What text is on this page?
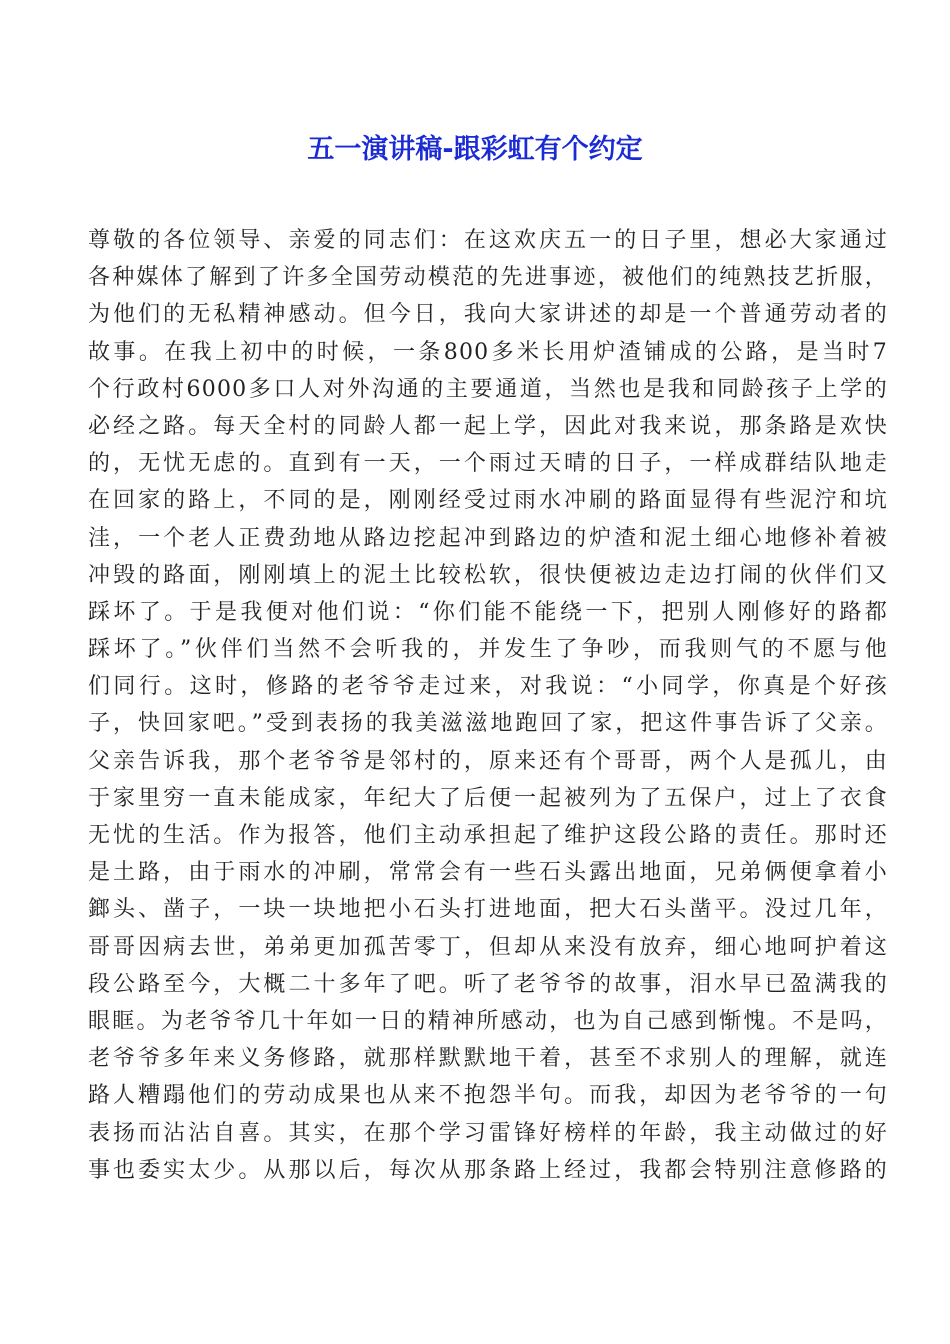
五一演讲稿-跟彩虹有个约定
尊敬的各位领导、亲爱的同志们：在这欢庆五一的日子里，想必大家通过
各种媒体了解到了许多全国劳动模范的先进事迹，被他们的纯熟技艺折服，
为他们的无私精神感动。但今日，我向大家讲述的却是一个普通劳动者的
故事。在我上初中的时候，一条800多米长用炉渣铺成的公路，是当时7
个行政村6000多口人对外沟通的主要通道，当然也是我和同龄孩子上学的
必经之路。每天全村的同龄人都一起上学，因此对我来说，那条路是欢快
的，无忧无虑的。直到有一天，一个雨过天晴的日子，一样成群结队地走
在回家的路上，不同的是，刚刚经受过雨水冲刷的路面显得有些泥泞和坑
洼，一个老人正费劲地从路边挖起冲到路边的炉渣和泥土细心地修补着被
冲毁的路面，刚刚填上的泥土比较松软，很快便被边走边打闹的伙伴们又
踩坏了。于是我便对他们说：“你们能不能绕一下，把别人刚修好的路都
踩坏了。”伙伴们当然不会听我的，并发生了争吵，而我则气的不愿与他
们同行。这时，修路的老爷爷走过来，对我说：“小同学，你真是个好孩
子，快回家吧。”受到表扬的我美滋滋地跑回了家，把这件事告诉了父亲。
父亲告诉我，那个老爷爷是邻村的，原来还有个哥哥，两个人是孤儿，由
于家里穷一直未能成家，年纪大了后便一起被列为了五保户，过上了衣食
无忧的生活。作为报答，他们主动承担起了维护这段公路的责任。那时还
是土路，由于雨水的冲刷，常常会有一些石头露出地面，兄弟俩便拿着小
鎯头、凿子，一块一块地把小石头打进地面，把大石头凿平。没过几年，
哥哥因病去世，弟弟更加孤苦零丁，但却从来没有放弃，细心地呵护着这
段公路至今，大概二十多年了吧。听了老爷爷的故事，泪水早已盈满我的
眼眶。为老爷爷几十年如一日的精神所感动，也为自己感到惭愧。不是吗，
老爷爷多年来义务修路，就那样默默地干着，甚至不求别人的理解，就连
路人糟蹋他们的劳动成果也从来不抱怨半句。而我，却因为老爷爷的一句
表扬而沾沾自喜。其实，在那个学习雷锋好榜样的年龄，我主动做过的好
事也委实太少。从那以后，每次从那条路上经过，我都会特别注意修路的
